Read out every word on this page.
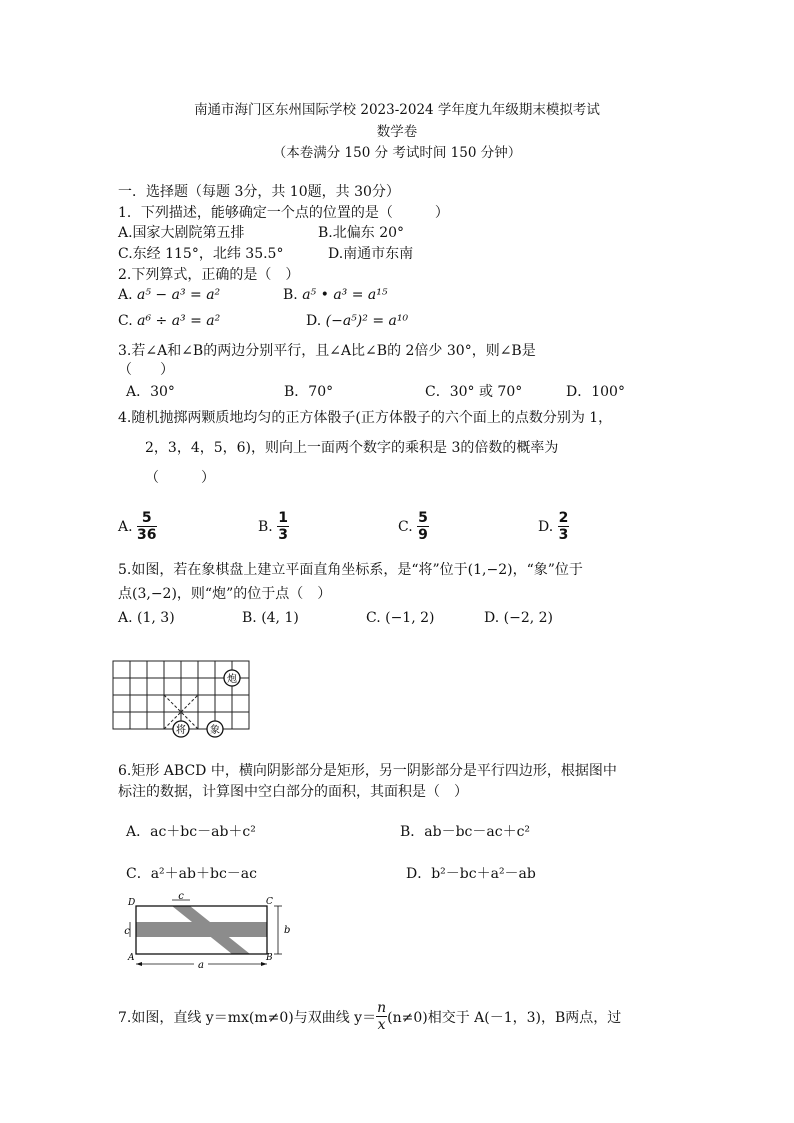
南通市海门区东州国际学校 2023-2024 学年度九年级期末模拟考试
数学卷
（本卷满分 150 分 考试时间 150 分钟）
一．选择题（每题 3分，共 10题，共 30分）
1．下列描述，能够确定一个点的位置的是（　　　）
A.国家大剧院第五排	B.北偏东 20°
C.东经 115°，北纬 35.5°	D.南通市东南
2.下列算式，正确的是（　）
A. a⁵ − a³ = a²	B. a⁵ • a³ = a¹⁵
C. a⁶ ÷ a³ = a²	D. (−a⁵)² = a¹⁰
3.若∠A和∠B的两边分别平行，且∠A比∠B的 2倍少 30°，则∠B是
（　　）
A．30°	B．70°	C．30° 或 70°	D．100°
4.随机抛掷两颗质地均匀的正方体骰子(正方体骰子的六个面上的点数分别为 1，
2，3，4，5，6)，则向上一面两个数字的乘积是 3的倍数的概率为
（　　　）
A. $\frac{5}{36}$	B. $\frac{1}{3}$	C. $\frac{5}{9}$	D. $\frac{2}{3}$
5.如图，若在象棋盘上建立平面直角坐标系，是“将”位于(1,−2)，“象”位于
点(3,−2)，则“炮”的位于点（　）
A. (1, 3)	B. (4, 1)	C. (−1, 2)	D. (−2, 2)
炮
将 象
6.矩形 ABCD 中，横向阴影部分是矩形，另一阴影部分是平行四边形，根据图中
标注的数据，计算图中空白部分的面积，其面积是（　）
A．ac＋bc－ab＋c²	B．ab－bc－ac＋c²
C．a²＋ab＋bc－ac	D．b²－bc＋a²－ab
c
c	b
a
D	C
A	B
7.如图，直线 y＝mx(m≠0)与双曲线 $y= \frac{n}{x} (n\ne 0)$相交于 A(－1，3)，B两点，过
